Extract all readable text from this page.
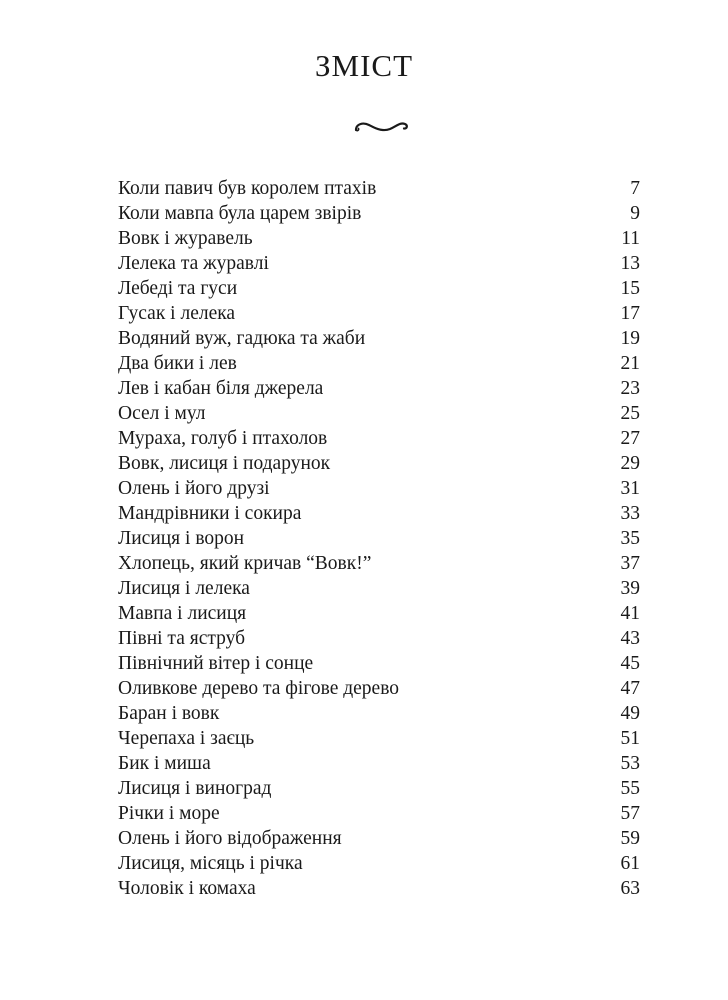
ЗМІСТ
Коли павич був королем птахів	7
Коли мавпа була царем звірів	9
Вовк і журавель	11
Лелека та журавлі	13
Лебеді та гуси	15
Гусак і лелека	17
Водяний вуж, гадюка та жаби	19
Два бики і лев	21
Лев і кабан біля джерела	23
Осел і мул	25
Мураха, голуб і птахолов	27
Вовк, лисиця і подарунок	29
Олень і його друзі	31
Мандрівники і сокира	33
Лисиця і ворон	35
Хлопець, який кричав “Вовк!”	37
Лисиця і лелека	39
Мавпа і лисиця	41
Півні та яструб	43
Північний вітер і сонце	45
Оливкове дерево та фігове дерево	47
Баран і вовк	49
Черепаха і заєць	51
Бик і миша	53
Лисиця і виноград	55
Річки і море	57
Олень і його відображення	59
Лисиця, місяць і річка	61
Чоловік і комаха	63
